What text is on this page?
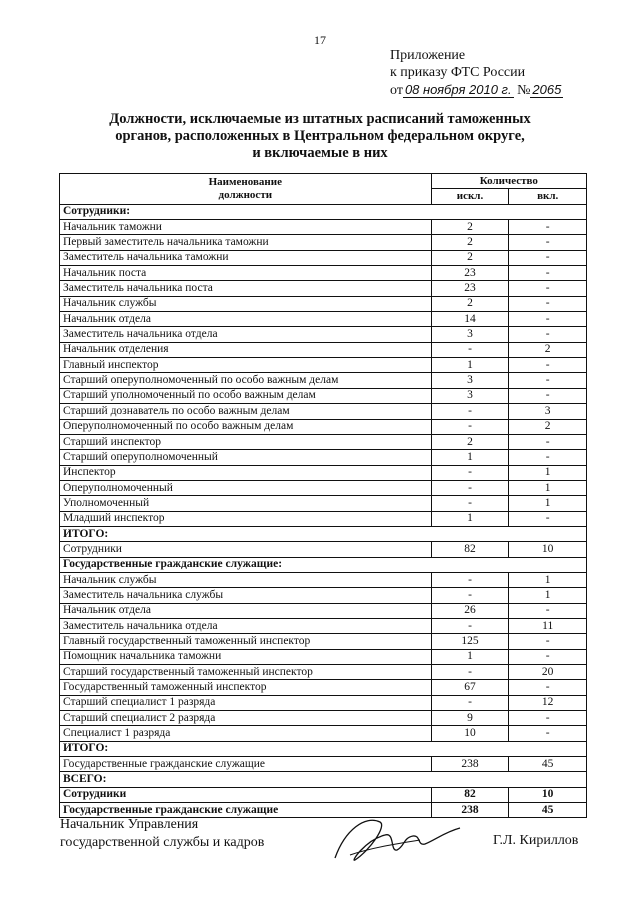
17
Приложение
к приказу ФТС России
от 08 ноября 2010 г. № 2065
Должности, исключаемые из штатных расписаний таможенных
органов, расположенных в Центральном федеральном округе,
и включаемые в них
Наименование
должности	Количество	
	искл.	вкл.
Сотрудники:		
Начальник таможни	2	-
Первый заместитель начальника таможни	2	-
Заместитель начальника таможни	2	-
Начальник поста	23	-
Заместитель начальника поста	23	-
Начальник службы	2	-
Начальник отдела	14	-
Заместитель начальника отдела	3	-
Начальник отделения	-	2
Главный инспектор	1	-
Старший оперуполномоченный по особо важным делам	3	-
Старший уполномоченный по особо важным делам	3	-
Старший дознаватель по особо важным делам	-	3
Оперуполномоченный по особо важным делам	-	2
Старший инспектор	2	-
Старший оперуполномоченный	1	-
Инспектор	-	1
Оперуполномоченный	-	1
Уполномоченный	-	1
Младший инспектор	1	-
ИТОГО:		
Сотрудники	82	10
Государственные гражданские служащие:		
Начальник службы	-	1
Заместитель начальника службы	-	1
Начальник отдела	26	-
Заместитель начальника отдела	-	11
Главный государственный таможенный инспектор	125	-
Помощник начальника таможни	1	-
Старший государственный таможенный инспектор	-	20
Государственный таможенный инспектор	67	-
Старший специалист 1 разряда	-	12
Старший специалист 2 разряда	9	-
Специалист 1 разряда	10	-
ИТОГО:		
Государственные гражданские служащие	238	45
ВСЕГО:		
Сотрудники	82	10
Государственные гражданские служащие	238	45
Начальник Управления
государственной службы и кадров	Г.Л. Кириллов
